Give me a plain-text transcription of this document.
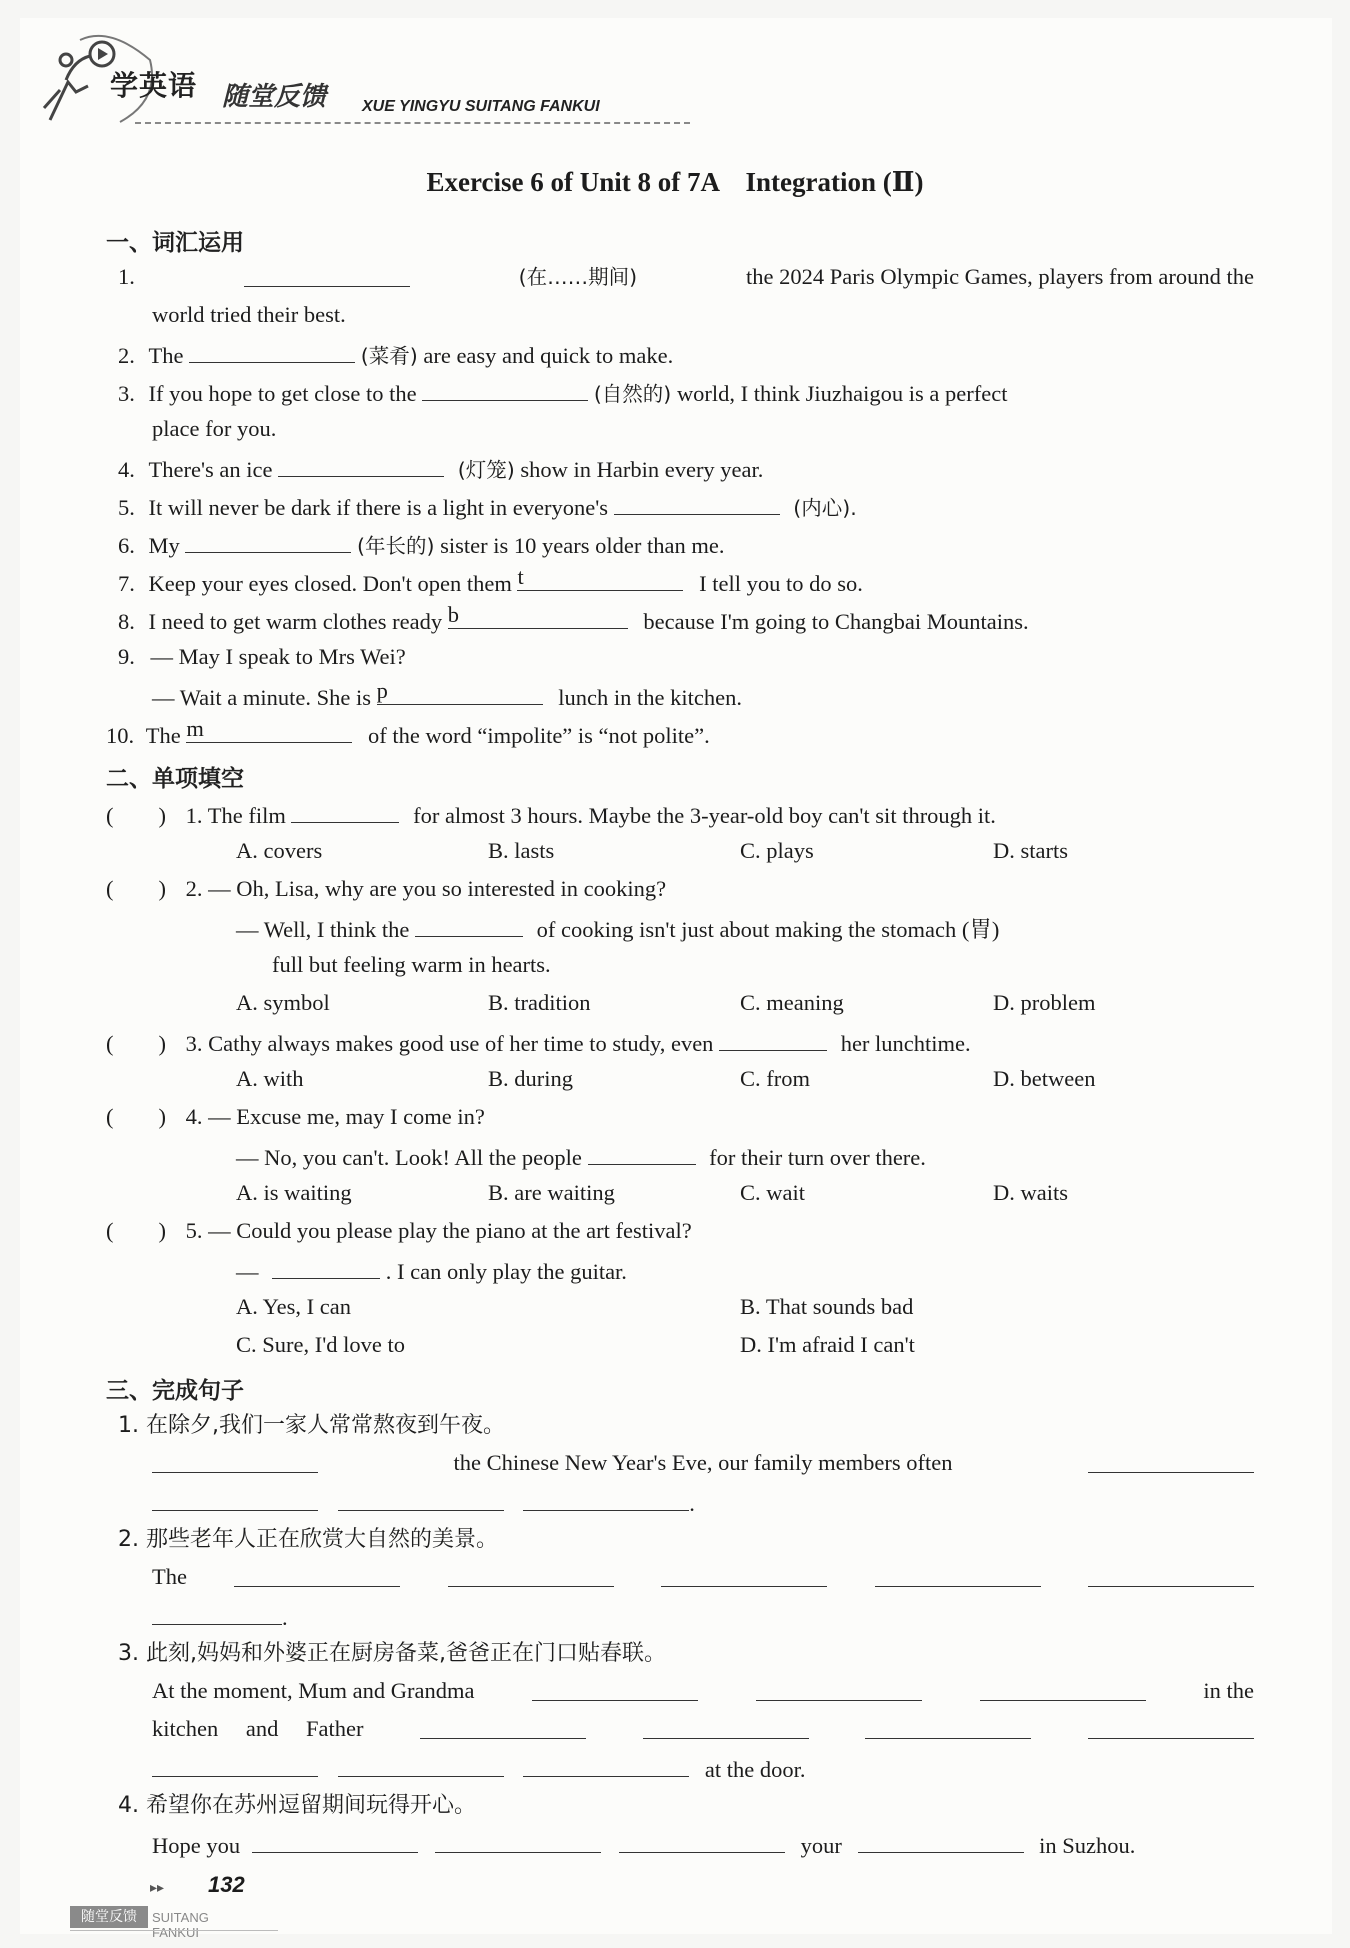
学英语 随堂反馈 XUE YINGYU SUITANG FANKUI
Exercise 6 of Unit 8 of 7A　Integration (Ⅱ)
一、词汇运用
1.	(在……期间)	the 2024 Paris Olympic Games, players from around the
world tried their best.
2. The	(菜肴) are easy and quick to make.
3. If you hope to get close to the	(自然的) world, I think Jiuzhaigou is a perfect
place for you.
4. There's an ice	(灯笼) show in Harbin every year.
5. It will never be dark if there is a light in everyone's	(内心).
6. My	(年长的) sister is 10 years older than me.
7. Keep your eyes closed. Don't open them t	I tell you to do so.
8. I need to get warm clothes ready b	because I'm going to Changbai Mountains.
9. — May I speak to Mrs Wei?
— Wait a minute. She is p	lunch in the kitchen.
10. The m	of the word “impolite” is “not polite”.
二、单项填空
(　　) 1. The film	for almost 3 hours. Maybe the 3-year-old boy can't sit through it.
A. covers	B. lasts	C. plays	D. starts
(　　) 2. — Oh, Lisa, why are you so interested in cooking?
— Well, I think the	of cooking isn't just about making the stomach (胃)
full but feeling warm in hearts.
A. symbol	B. tradition	C. meaning	D. problem
(　　) 3. Cathy always makes good use of her time to study, even	her lunchtime.
A. with	B. during	C. from	D. between
(　　) 4. — Excuse me, may I come in?
— No, you can't. Look! All the people	for their turn over there.
A. is waiting	B. are waiting	C. wait	D. waits
(　　) 5. — Could you please play the piano at the art festival?
—	. I can only play the guitar.
A. Yes, I can	B. That sounds bad
C. Sure, I'd love to	D. I'm afraid I can't
三、完成句子
1. 在除夕,我们一家人常常熬夜到午夜。
the Chinese New Year's Eve, our family members often
.
2. 那些老年人正在欣赏大自然的美景。
The
.
3. 此刻,妈妈和外婆正在厨房备菜,爸爸正在门口贴春联。
At the moment, Mum and Grandma	in the
kitchen and Father
at the door.
4. 希望你在苏州逗留期间玩得开心。
Hope you	your	in Suzhou.
▸▸ 132
随堂反馈	SUITANG FANKUI
